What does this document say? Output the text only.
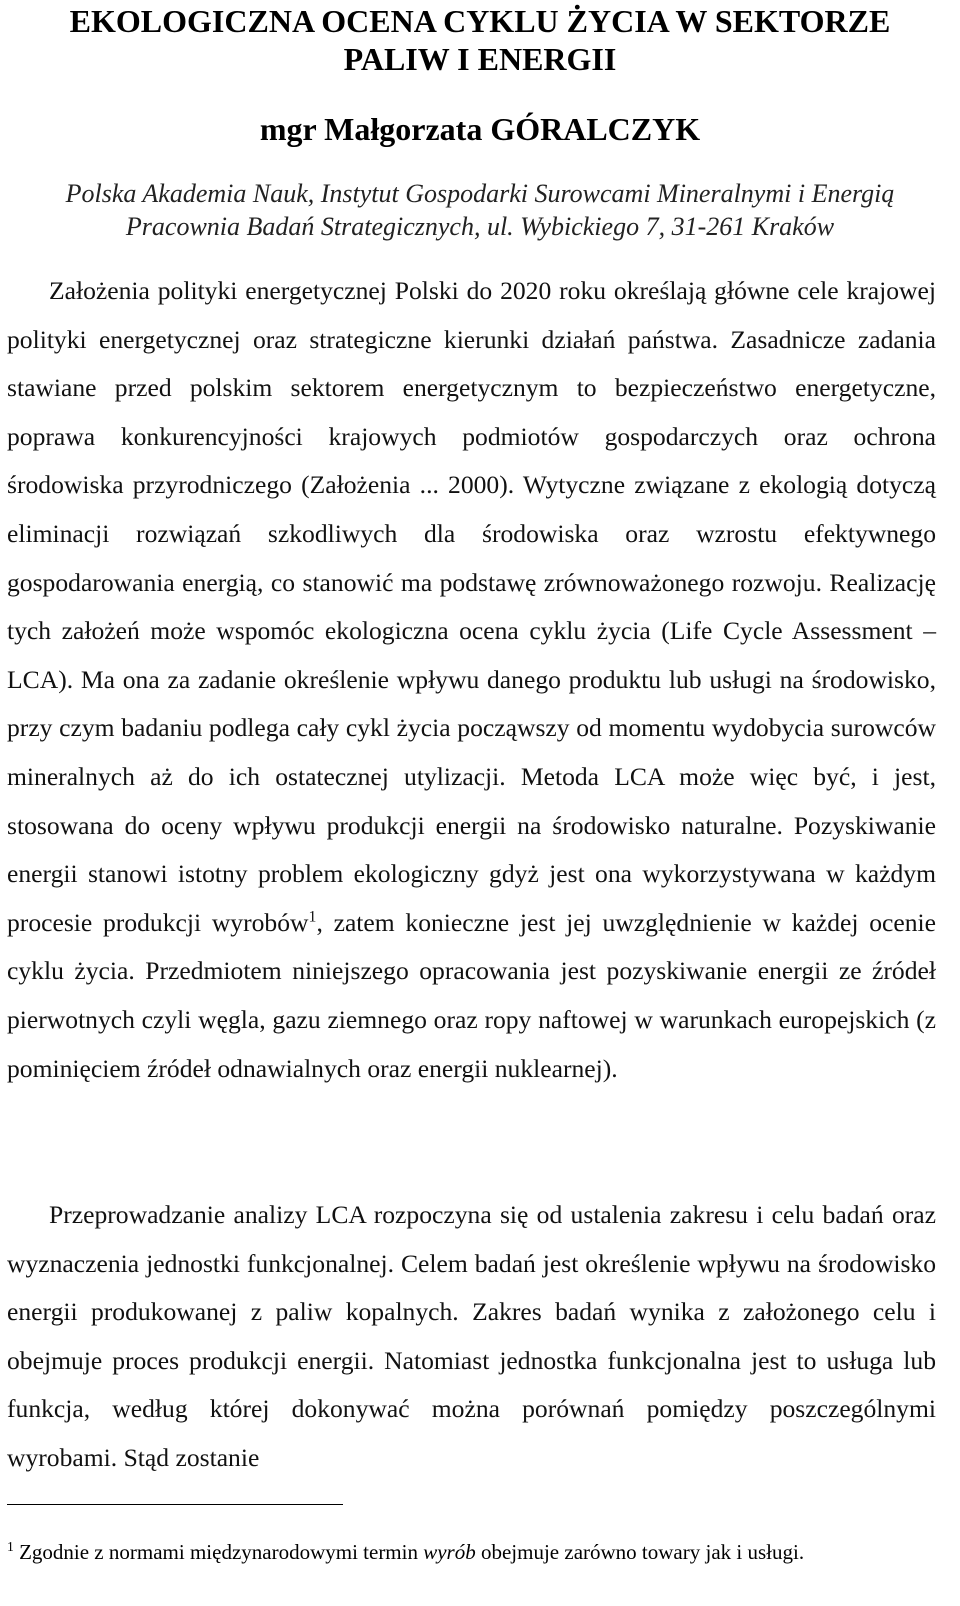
EKOLOGICZNA OCENA CYKLU ŻYCIA W SEKTORZE
PALIW I ENERGII
mgr Małgorzata GÓRALCZYK
Polska Akademia Nauk, Instytut Gospodarki Surowcami Mineralnymi i Energią
Pracownia Badań Strategicznych, ul. Wybickiego 7, 31-261 Kraków
Założenia polityki energetycznej Polski do 2020 roku określają główne cele krajowej polityki energetycznej oraz strategiczne kierunki działań państwa. Zasadnicze zadania stawiane przed polskim sektorem energetycznym to bezpieczeństwo energetyczne, poprawa konkurencyjności krajowych podmiotów gospodarczych oraz ochrona środowiska przyrodniczego (Założenia ... 2000). Wytyczne związane z ekologią dotyczą eliminacji rozwiązań szkodliwych dla środowiska oraz wzrostu efektywnego gospodarowania energią, co stanowić ma podstawę zrównoważonego rozwoju. Realizację tych założeń może wspomóc ekologiczna ocena cyklu życia (Life Cycle Assessment – LCA). Ma ona za zadanie określenie wpływu danego produktu lub usługi na środowisko, przy czym badaniu podlega cały cykl życia począwszy od momentu wydobycia surowców mineralnych aż do ich ostatecznej utylizacji. Metoda LCA może więc być, i jest, stosowana do oceny wpływu produkcji energii na środowisko naturalne. Pozyskiwanie energii stanowi istotny problem ekologiczny gdyż jest ona wykorzystywana w każdym procesie produkcji wyrobów$^1$, zatem konieczne jest jej uwzględnienie w każdej ocenie cyklu życia. Przedmiotem niniejszego opracowania jest pozyskiwanie energii ze źródeł pierwotnych czyli węgla, gazu ziemnego oraz ropy naftowej w warunkach europejskich (z pominięciem źródeł odnawialnych oraz energii nuklearnej).
Przeprowadzanie analizy LCA rozpoczyna się od ustalenia zakresu i celu badań oraz wyznaczenia jednostki funkcjonalnej. Celem badań jest określenie wpływu na środowisko energii produkowanej z paliw kopalnych. Zakres badań wynika z założonego celu i obejmuje proces produkcji energii. Natomiast jednostka funkcjonalna jest to usługa lub funkcja, według której dokonywać można porównań pomiędzy poszczególnymi wyrobami. Stąd zostanie
$^1$ Zgodnie z normami międzynarodowymi termin wyrób obejmuje zarówno towary jak i usługi.
